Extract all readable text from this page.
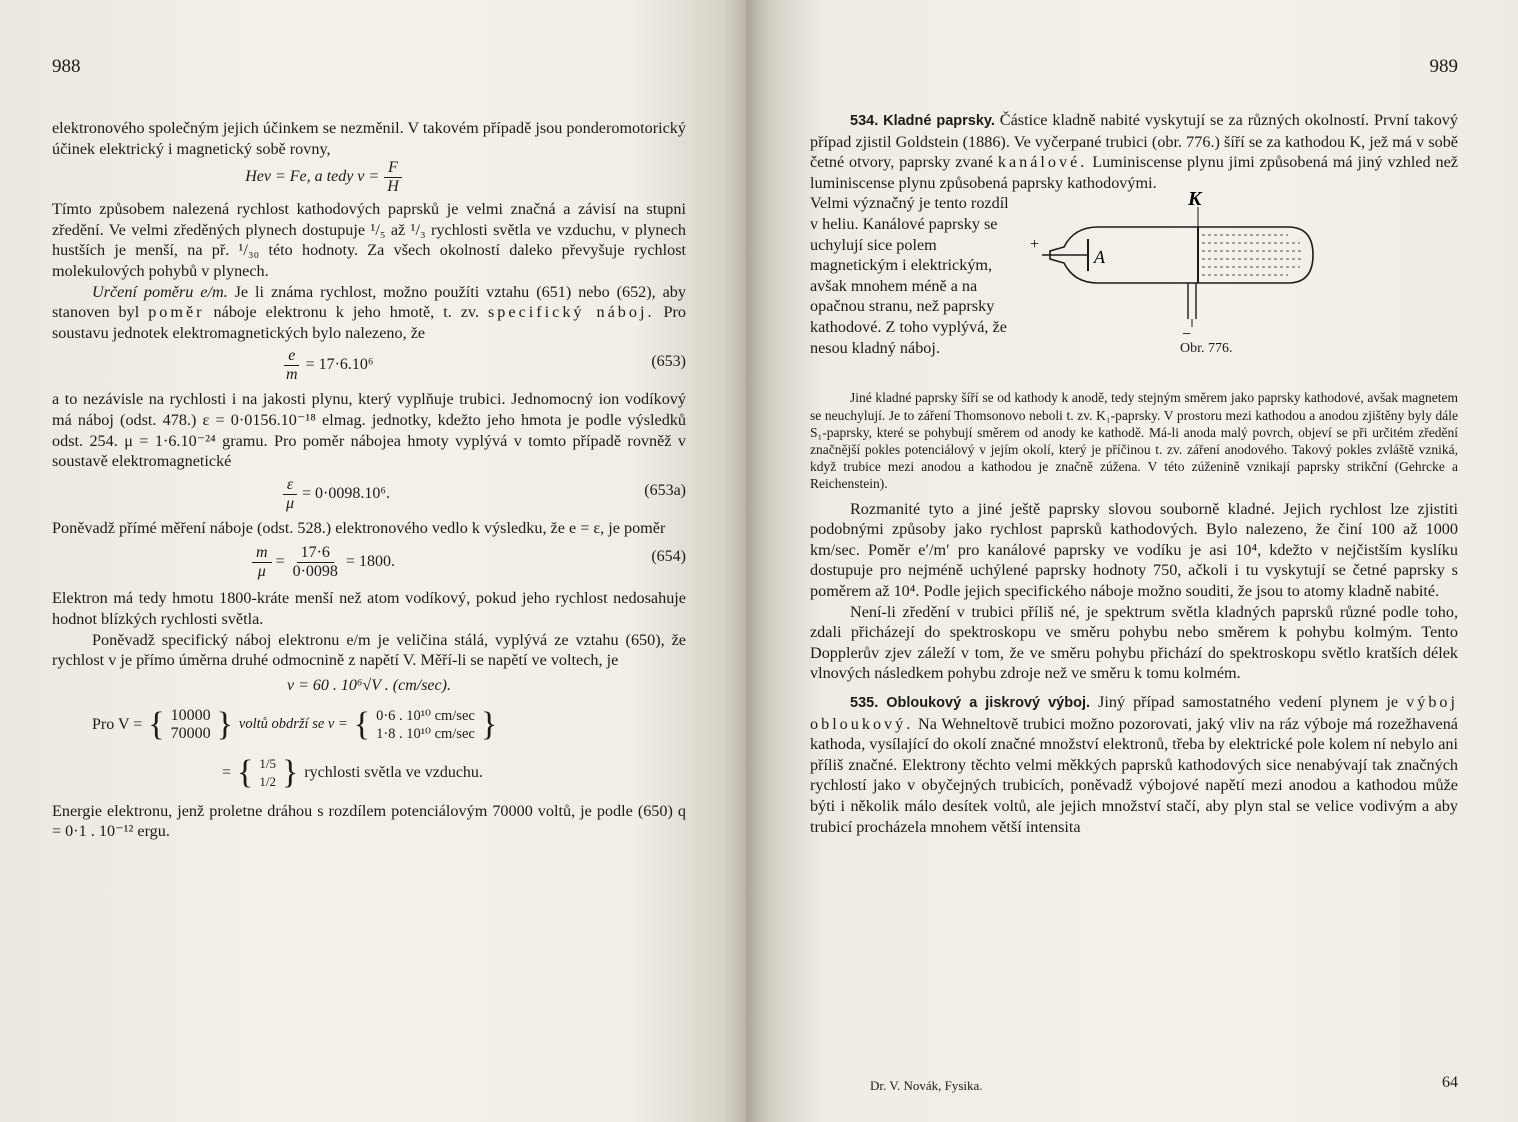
988

elektronového společným jejich účinkem se nezměnil. V takovém případě jsou ponderomotorický účinek elektrický i magnetický sobě rovny,

Hev = Fe, a tedy $v = \frac{F}{H}$

Tímto způsobem nalezená rychlost kathodových paprsků je velmi značná a závisí na stupni zředění. Ve velmi zředěných plynech dostupuje ¹/₅ až ¹/₃ rychlosti světla ve vzduchu, v plynech hustších je menší, na př. ¹/₃₀ této hodnoty. Za všech okolností daleko převyšuje rychlost molekulových pohybů v plynech.

Určení poměru e/m. Je li známa rychlost, možno použíti vztahu (651) nebo (652), aby stanoven byl poměr náboje elektronu k jeho hmotě, t. zv. specifický náboj. Pro soustavu jednotek elektromagnetických bylo nalezeno, že

$\frac{e}{m} = 17\cdot 6.10^6$	(653)

a to nezávisle na rychlosti i na jakosti plynu, který vyplňuje trubici. Jednomocný ion vodíkový má náboj (odst. 478.) ε = 0·0156.10⁻¹⁸ elmag. jednotky, kdežto jeho hmota je podle výsledků odst. 254. μ = 1·6.10⁻²⁴ gramu. Pro poměr nábojea hmoty vyplývá v tomto případě rovněž v soustavě elektromagnetické

$\frac{\varepsilon}{\mu} = 0\cdot 0098.10^6$.	(653a)

Poněvadž přímé měření náboje (odst. 528.) elektronového vedlo k výsledku, že e = ε, je poměr

$\frac{m}{\mu} = \frac{17\cdot 6}{0\cdot 0098} = 1800$.	(654)

Elektron má tedy hmotu 1800-kráte menší než atom vodíkový, pokud jeho rychlost nedosahuje hodnot blízkých rychlosti světla.

Poněvadž specifický náboj elektronu e/m je veličina stálá, vyplývá ze vztahu (650), že rychlost v je přímo úměrna druhé odmocnině z napětí V. Měří-li se napětí ve voltech, je

v = 60 . 10⁶√V . (cm/sec).
Pro V = { 10000
70000 } voltů obdrží se v = { 0·6 . 10¹⁰ cm/sec
1·8 . 10¹⁰ cm/sec }
= { 1/5
1/2 } rychlosti světla ve vzduchu.

Energie elektronu, jenž proletne dráhou s rozdílem potenciálovým 70000 voltů, je podle (650) q = 0·1 . 10⁻¹² ergu.

989

534. Kladné paprsky. Částice kladně nabité vyskytují se za různých okolností. První takový případ zjistil Goldstein (1886). Ve vyčerpané trubici (obr. 776.) šíří se za kathodou K, jež má v sobě četné otvory, paprsky zvané kanálové. Luminiscense plynu jimi způsobená má jiný vzhled než luminiscense plynu způsobená paprsky kathodovými.

Velmi význačný je tento rozdíl v heliu. Kanálové paprsky se uchylují sice polem magnetickým i elektrickým, avšak mnohem méně a na opačnou stranu, než paprsky kathodové. Z toho vyplývá, že nesou kladný náboj.

K
A
+
−
Obr. 776.

Jiné kladné paprsky šíří se od kathody k anodě, tedy stejným směrem jako paprsky kathodové, avšak magnetem se neuchylují. Je to záření Thomsonovo neboli t. zv. K₁-paprsky. V prostoru mezi kathodou a anodou zjištěny byly dále S₁-paprsky, které se pohybují směrem od anody ke kathodě. Má-li anoda malý povrch, objeví se při určitém zředění značnější pokles potenciálový v jejím okolí, který je příčinou t. zv. záření anodového. Takový pokles zvláště vzniká, když trubice mezi anodou a kathodou je značně zúžena. V této zúženině vznikají paprsky strikční (Gehrcke a Reichenstein).

Rozmanité tyto a jiné ještě paprsky slovou souborně kladné. Jejich rychlost lze zjistiti podobnými způsoby jako rychlost paprsků kathodových. Bylo nalezeno, že činí 100 až 1000 km/sec. Poměr e′/m′ pro kanálové paprsky ve vodíku je asi 10⁴, kdežto v nejčistším kyslíku dostupuje pro nejméně uchýlené paprsky hodnoty 750, ačkoli i tu vyskytují se četné paprsky s poměrem až 10⁴. Podle jejich specifického náboje možno souditi, že jsou to atomy kladně nabité.

Není-li zředění v trubici příliš né, je spektrum světla kladných paprsků různé podle toho, zdali přicházejí do spektroskopu ve směru pohybu nebo směrem k pohybu kolmým. Tento Dopplerův zjev záleží v tom, že ve směru pohybu přichází do spektroskopu světlo kratších délek vlnových následkem pohybu zdroje než ve směru k tomu kolmém.

535. Obloukový a jiskrový výboj. Jiný případ samostatného vedení plynem je výboj obloukový. Na Wehneltově trubici možno pozorovati, jaký vliv na ráz výboje má rozežhavená kathoda, vysílající do okolí značné množství elektronů, třeba by elektrické pole kolem ní nebylo ani příliš značné. Elektrony těchto velmi měkkých paprsků kathodových sice nenabývají tak značných rychlostí jako v obyčejných trubicích, poněvadž výbojové napětí mezi anodou a kathodou může býti i několik málo desítek voltů, ale jejich množství stačí, aby plyn stal se velice vodivým a aby trubicí procházela mnohem větší intensita

Dr. V. Novák, Fysika.	64
